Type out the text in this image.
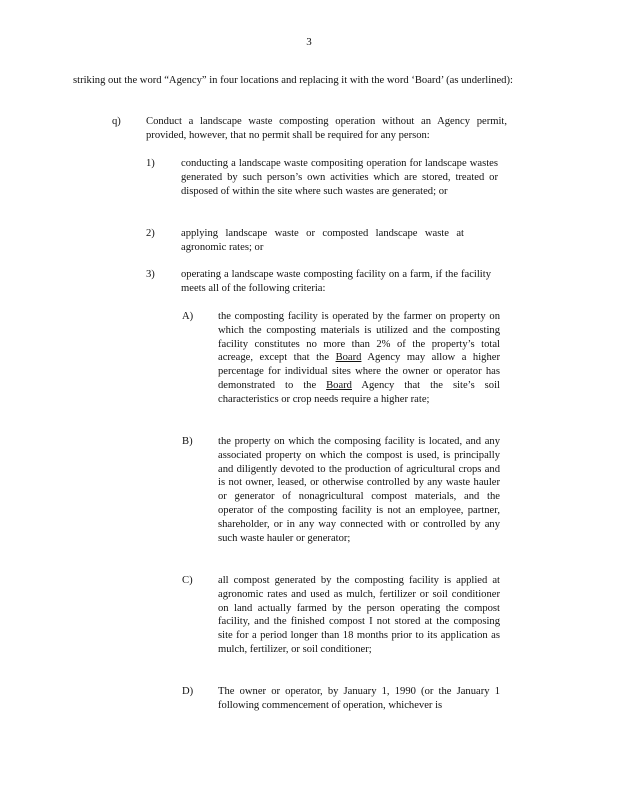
3
striking out the word “Agency” in four locations and replacing it with the word ‘Board’ (as underlined):
q)	Conduct a landscape waste composting operation without an Agency permit, provided, however, that no permit shall be required for any person:
1)	conducting a landscape waste compositing operation for landscape wastes generated by such person’s own activities which are stored, treated or disposed of within the site where such wastes are generated; or
2)	applying landscape waste or composted landscape waste at agronomic rates; or
3)	operating a landscape waste composting facility on a farm, if the facility meets all of the following criteria:
A)	the composting facility is operated by the farmer on property on which the composting materials is utilized and the composting facility constitutes no more than 2% of the property’s total acreage, except that the Board Agency may allow a higher percentage for individual sites where the owner or operator has demonstrated to the Board Agency that the site’s soil characteristics or crop needs require a higher rate;
B)	the property on which the composing facility is located, and any associated property on which the compost is used, is principally and diligently devoted to the production of agricultural crops and is not owner, leased, or otherwise controlled by any waste hauler or generator of nonagricultural compost materials, and the operator of the composting facility is not an employee, partner, shareholder, or in any way connected with or controlled by any such waste hauler or generator;
C)	all compost generated by the composting facility is applied at agronomic rates and used as mulch, fertilizer or soil conditioner on land actually farmed by the person operating the compost facility, and the finished compost I not stored at the composing site for a period longer than 18 months prior to its application as mulch, fertilizer, or soil conditioner;
D)	The owner or operator, by January 1, 1990 (or the January 1 following commencement of operation, whichever is
